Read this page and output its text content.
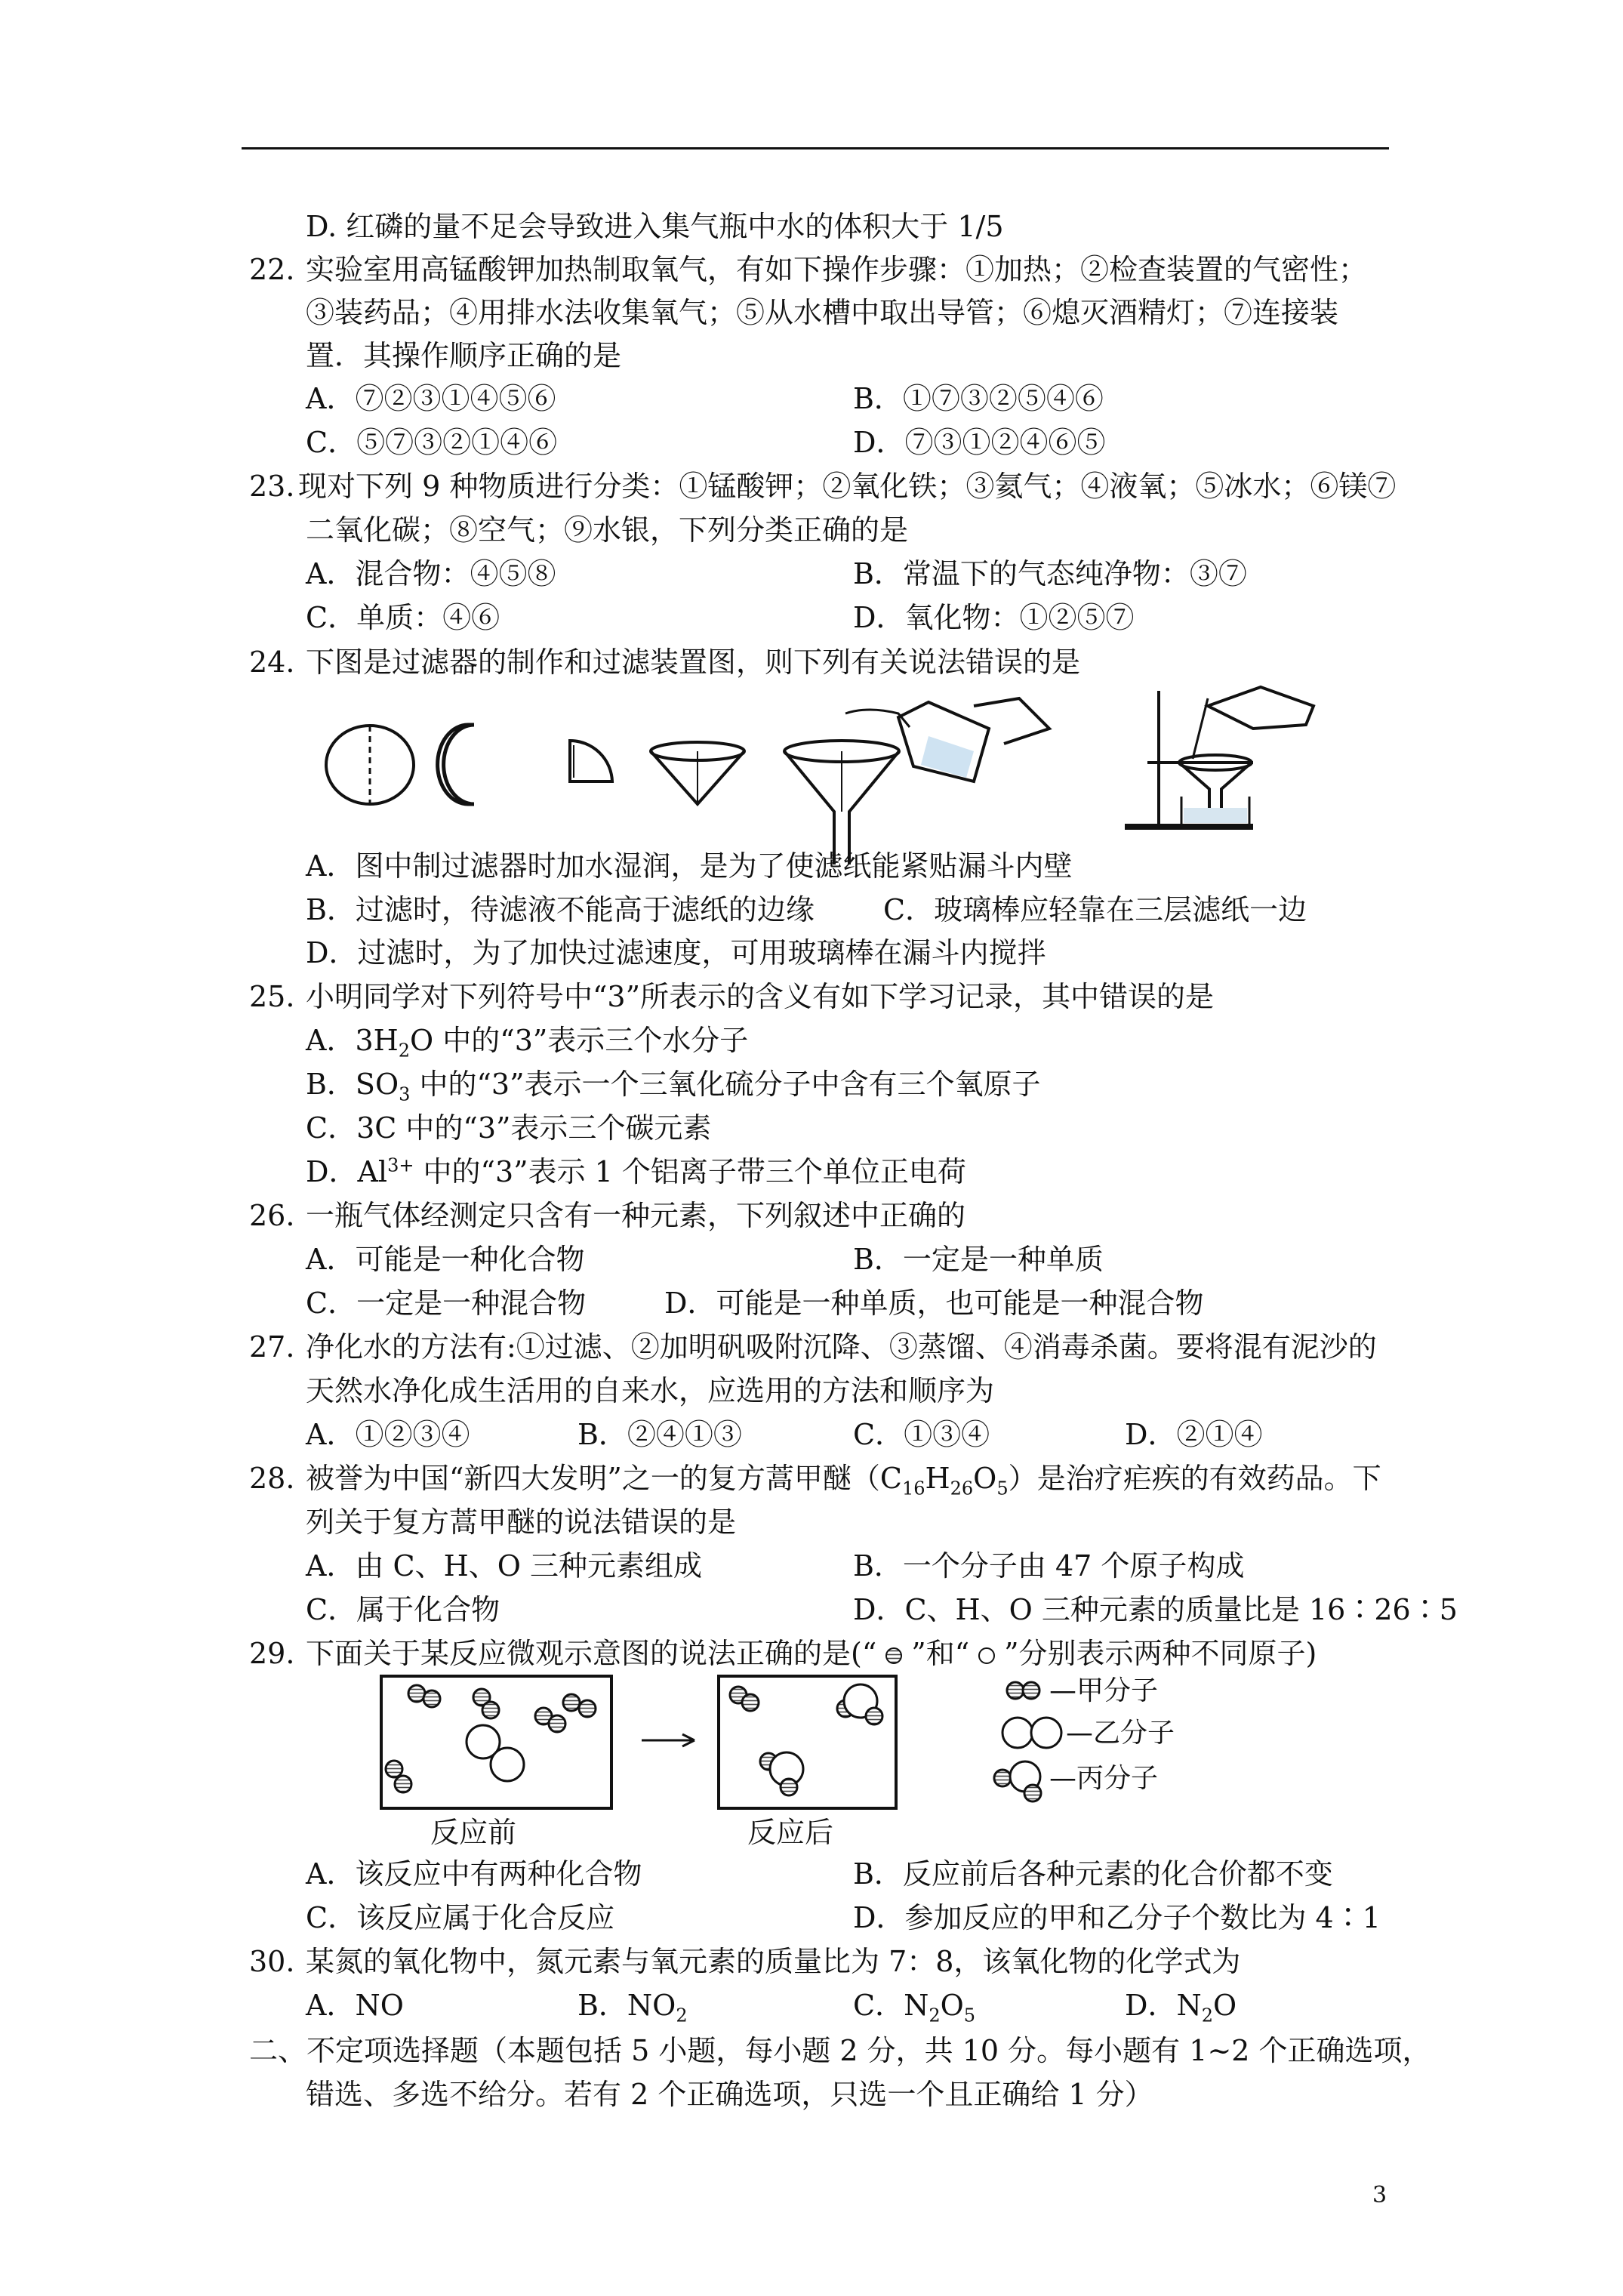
D. 红磷的量不足会导致进入集气瓶中水的体积大于 1/5
22. 实验室用高锰酸钾加热制取氧气，有如下操作步骤：①加热；②检查装置的气密性；
③装药品；④用排水法收集氧气；⑤从水槽中取出导管；⑥熄灭酒精灯；⑦连接装
置．其操作顺序正确的是
A．⑦②③①④⑤⑥	B．①⑦③②⑤④⑥
C．⑤⑦③②①④⑥	D．⑦③①②④⑥⑤
23. 现对下列 9 种物质进行分类：①锰酸钾；②氧化铁；③氦气；④液氧；⑤冰水；⑥镁⑦
二氧化碳；⑧空气；⑨水银，下列分类正确的是
A．混合物：④⑤⑧	B．常温下的气态纯净物：③⑦
C．单质：④⑥	D．氧化物：①②⑤⑦
24. 下图是过滤器的制作和过滤装置图，则下列有关说法错误的是
A．图中制过滤器时加水湿润，是为了使滤纸能紧贴漏斗内壁
B．过滤时，待滤液不能高于滤纸的边缘 C．玻璃棒应轻靠在三层滤纸一边
D．过滤时，为了加快过滤速度，可用玻璃棒在漏斗内搅拌
25. 小明同学对下列符号中“3”所表示的含义有如下学习记录，其中错误的是
A．$3H_2O$ 中的“3”表示三个水分子
B．$SO_3$ 中的“3”表示一个三氧化硫分子中含有三个氧原子
C．3C 中的“3”表示三个碳元素
D．$Al^{3+}$ 中的“3”表示 1 个铝离子带三个单位正电荷
26. 一瓶气体经测定只含有一种元素，下列叙述中正确的
A．可能是一种化合物	B．一定是一种单质
C．一定是一种混合物	D．可能是一种单质，也可能是一种混合物
27. 净化水的方法有:①过滤、②加明矾吸附沉降、③蒸馏、④消毒杀菌。要将混有泥沙的
天然水净化成生活用的自来水，应选用的方法和顺序为
A．①②③④	B．②④①③	C．①③④	D．②①④
28. 被誉为中国“新四大发明”之一的复方蒿甲醚$(C_{16}H_{26}O_5)$是治疗疟疾的有效药品。下
列关于复方蒿甲醚的说法错误的是
A．由 C、H、O 三种元素组成	B．一个分子由 47 个原子构成
C．属于化合物	D．C、H、O 三种元素的质量比是 16∶26∶5
29. 下面关于某反应微观示意图的说法正确的是(“ ”和“ ”分别表示两种不同原子)
反应前	反应后
—甲分子
—乙分子
—丙分子
A．该反应中有两种化合物	B．反应前后各种元素的化合价都不变
C．该反应属于化合反应	D．参加反应的甲和乙分子个数比为 4∶1
30. 某氮的氧化物中，氮元素与氧元素的质量比为 7：8，该氧化物的化学式为
A．NO	B．$NO_2$	C．$N_2O_5$	D．$N_2O$
二、不定项选择题（本题包括 5 小题，每小题 2 分，共 10 分。每小题有 1~2 个正确选项，
错选、多选不给分。若有 2 个正确选项，只选一个且正确给 1 分）
3
